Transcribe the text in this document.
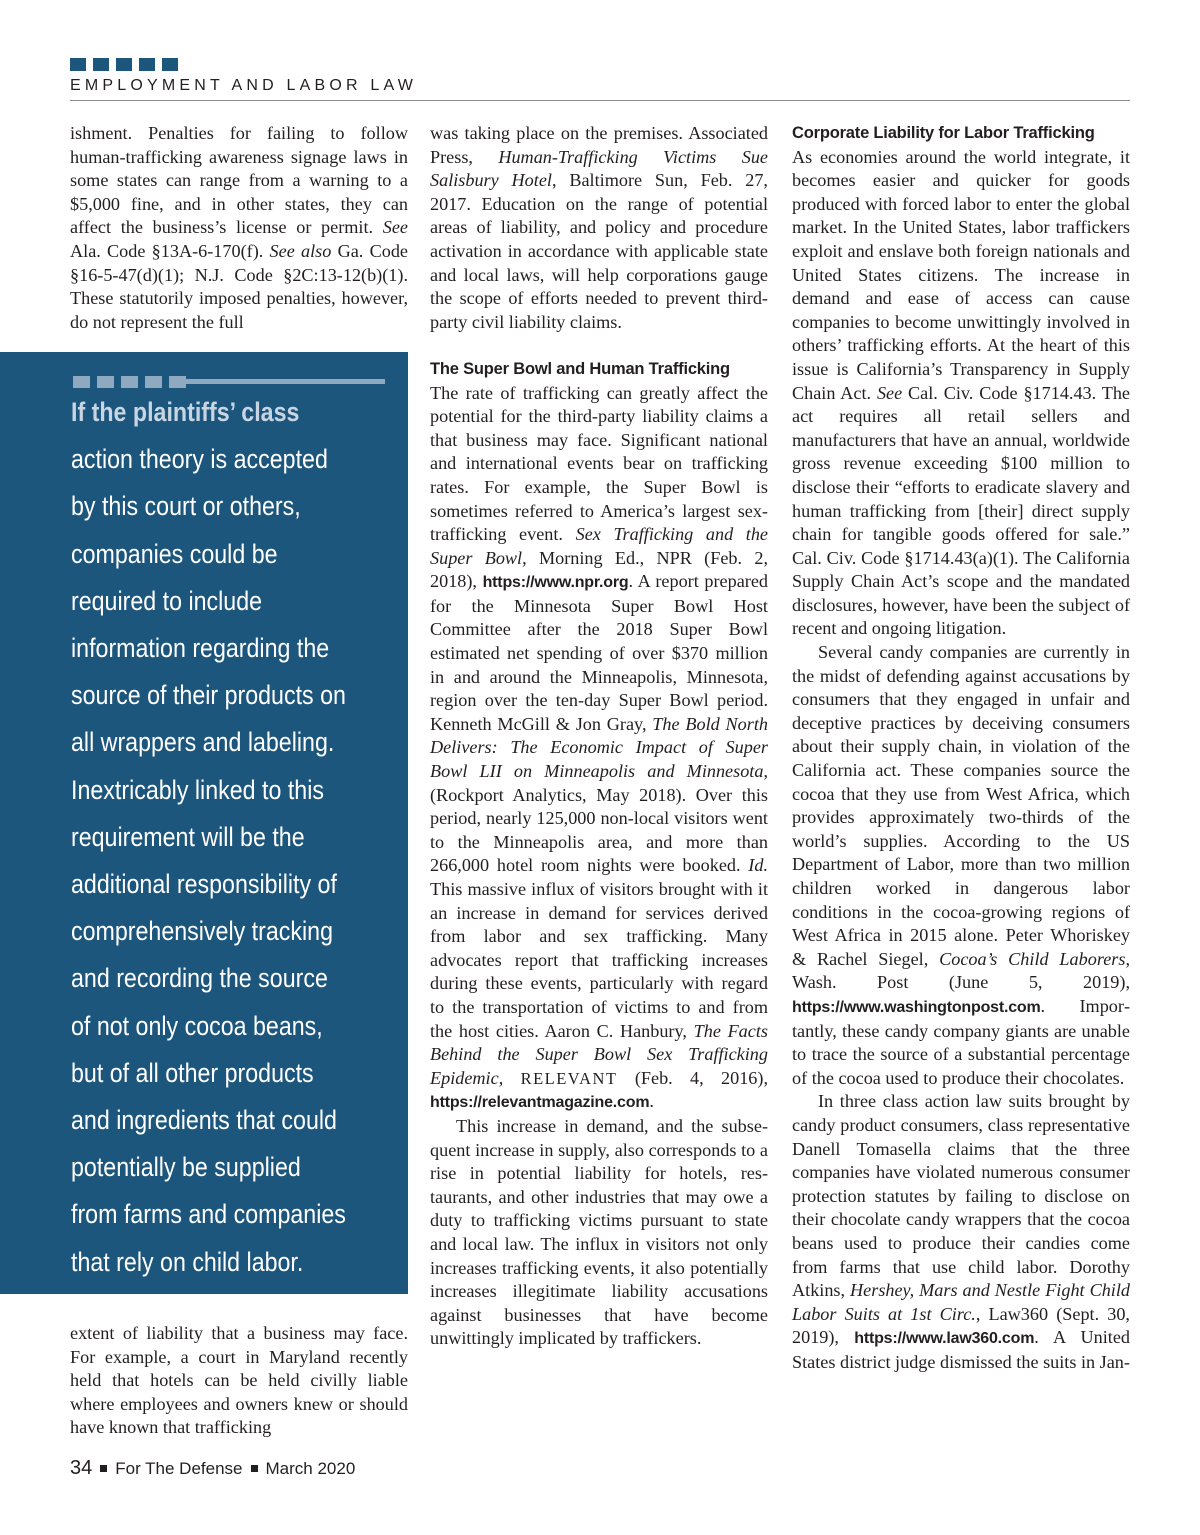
EMPLOYMENT AND LABOR LAW

ishment. Penalties for failing to follow human-trafficking awareness signage laws in some states can range from a warning to a $5,000 fine, and in other states, they can affect the business’s license or permit. See Ala. Code §13A-6-170(f). See also Ga. Code §16-5-47(d)(1); N.J. Code §2C:13-12(b)(1). These statutorily imposed penalties, however, do not represent the full

If the plaintiffs’ class
action theory is accepted
by this court or others,
companies could be
required to include
information regarding the
source of their products on
all wrappers and labeling.
Inextricably linked to this
requirement will be the
additional responsibility of
comprehensively tracking
and recording the source
of not only cocoa beans,
but of all other products
and ingredients that could
potentially be supplied
from farms and companies
that rely on child labor.

extent of liability that a business may face. For example, a court in Maryland recently held that hotels can be held civilly liable where employees and owners knew or should have known that trafficking

was taking place on the premises. Associated Press, Human-Trafficking Victims Sue Salisbury Hotel, Baltimore Sun, Feb. 27, 2017. Education on the range of potential areas of liability, and policy and procedure activation in accordance with applicable state and local laws, will help corporations gauge the scope of efforts needed to prevent third-party civil liability claims.

The Super Bowl and Human Trafficking

The rate of trafficking can greatly affect the potential for the third-party liability claims a that business may face. Significant national and international events bear on trafficking rates. For example, the Super Bowl is sometimes referred to America’s largest sex-trafficking event. Sex Trafficking and the Super Bowl, Morning Ed., NPR (Feb. 2, 2018), https://www.npr.org. A report prepared for the Minnesota Super Bowl Host Committee after the 2018 Super Bowl estimated net spending of over $370 million in and around the Minneapolis, Minnesota, region over the ten-day Super Bowl period. Kenneth McGill & Jon Gray, The Bold North Delivers: The Economic Impact of Super Bowl LII on Minneapolis and Minnesota, (Rockport Analytics, May 2018). Over this period, nearly 125,000 non-local visitors went to the Minneapolis area, and more than 266,000 hotel room nights were booked. Id. This massive influx of visitors brought with it an increase in demand for services derived from labor and sex trafficking. Many advocates report that trafficking increases during these events, particularly with regard to the transportation of victims to and from the host cities. Aaron C. Hanbury, The Facts Behind the Super Bowl Sex Trafficking Epidemic, RELEVANT (Feb. 4, 2016), https://relevantmagazine.com.

This increase in demand, and the subsequent increase in supply, also corresponds to a rise in potential liability for hotels, restaurants, and other industries that may owe a duty to trafficking victims pursuant to state and local law. The influx in visitors not only increases trafficking events, it also potentially increases illegitimate liability accusations against businesses that have become unwittingly implicated by traffickers.

Corporate Liability for Labor Trafficking

As economies around the world integrate, it becomes easier and quicker for goods produced with forced labor to enter the global market. In the United States, labor traffickers exploit and enslave both foreign nationals and United States citizens. The increase in demand and ease of access can cause companies to become unwittingly involved in others’ trafficking efforts. At the heart of this issue is California’s Transparency in Supply Chain Act. See Cal. Civ. Code §1714.43. The act requires all retail sellers and manufacturers that have an annual, worldwide gross revenue exceeding $100 million to disclose their “efforts to eradicate slavery and human trafficking from [their] direct supply chain for tangible goods offered for sale.” Cal. Civ. Code §1714.43(a)(1). The California Supply Chain Act’s scope and the mandated disclosures, however, have been the subject of recent and ongoing litigation.

Several candy companies are currently in the midst of defending against accusations by consumers that they engaged in unfair and deceptive practices by deceiving consumers about their supply chain, in violation of the California act. These companies source the cocoa that they use from West Africa, which provides approximately two-thirds of the world’s supplies. According to the US Department of Labor, more than two million children worked in dangerous labor conditions in the cocoa-growing regions of West Africa in 2015 alone. Peter Whoriskey & Rachel Siegel, Cocoa’s Child Laborers, Wash. Post (June 5, 2019), https://www.washingtonpost.com. Importantly, these candy company giants are unable to trace the source of a substantial percentage of the cocoa used to produce their chocolates.

In three class action law suits brought by candy product consumers, class representative Danell Tomasella claims that the three companies have violated numerous consumer protection statutes by failing to disclose on their chocolate candy wrappers that the cocoa beans used to produce their candies come from farms that use child labor. Dorothy Atkins, Hershey, Mars and Nestle Fight Child Labor Suits at 1st Circ., Law360 (Sept. 30, 2019), https://www.law360.com. A United States district judge dismissed the suits in Jan-

34 For The Defense March 2020
